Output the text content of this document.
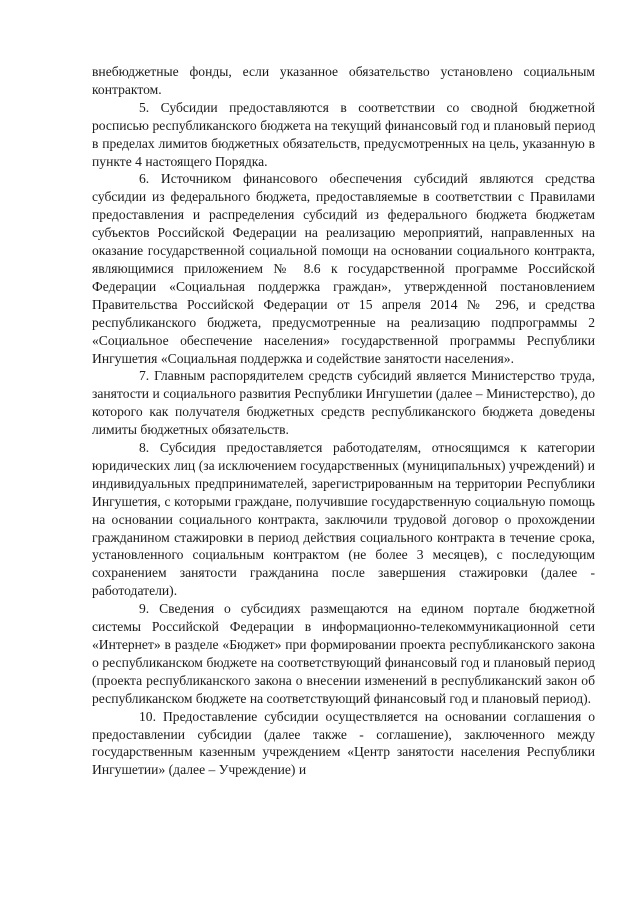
внебюджетные фонды, если указанное обязательство установлено социальным контрактом.

5. Субсидии предоставляются в соответствии со сводной бюджетной росписью республиканского бюджета на текущий финансовый год и плановый период в пределах лимитов бюджетных обязательств, предусмотренных на цель, указанную в пункте 4 настоящего Порядка.

6. Источником финансового обеспечения субсидий являются средства субсидии из федерального бюджета, предоставляемые в соответствии с Правилами предоставления и распределения субсидий из федерального бюджета бюджетам субъектов Российской Федерации на реализацию мероприятий, направленных на оказание государственной социальной помощи на основании социального контракта, являющимися приложением № 8.6 к государственной программе Российской Федерации «Социальная поддержка граждан», утвержденной постановлением Правительства Российской Федерации от 15 апреля 2014 № 296, и средства республиканского бюджета, предусмотренные на реализацию подпрограммы 2 «Социальное обеспечение населения» государственной программы Республики Ингушетия «Социальная поддержка и содействие занятости населения».

7. Главным распорядителем средств субсидий является Министерство труда, занятости и социального развития Республики Ингушетии (далее – Министерство), до которого как получателя бюджетных средств республиканского бюджета доведены лимиты бюджетных обязательств.

8. Субсидия предоставляется работодателям, относящимся к категории юридических лиц (за исключением государственных (муниципальных) учреждений) и индивидуальных предпринимателей, зарегистрированным на территории Республики Ингушетия, с которыми граждане, получившие государственную социальную помощь на основании социального контракта, заключили трудовой договор о прохождении гражданином стажировки в период действия социального контракта в течение срока, установленного социальным контрактом (не более 3 месяцев), с последующим сохранением занятости гражданина после завершения стажировки (далее - работодатели).

9. Сведения о субсидиях размещаются на едином портале бюджетной системы Российской Федерации в информационно-телекоммуникационной сети «Интернет» в разделе «Бюджет» при формировании проекта республиканского закона о республиканском бюджете на соответствующий финансовый год и плановый период (проекта республиканского закона о внесении изменений в республиканский закон об республиканском бюджете на соответствующий финансовый год и плановый период).

10. Предоставление субсидии осуществляется на основании соглашения о предоставлении субсидии (далее также - соглашение), заключенного между государственным казенным учреждением «Центр занятости населения Республики Ингушетии» (далее – Учреждение) и
